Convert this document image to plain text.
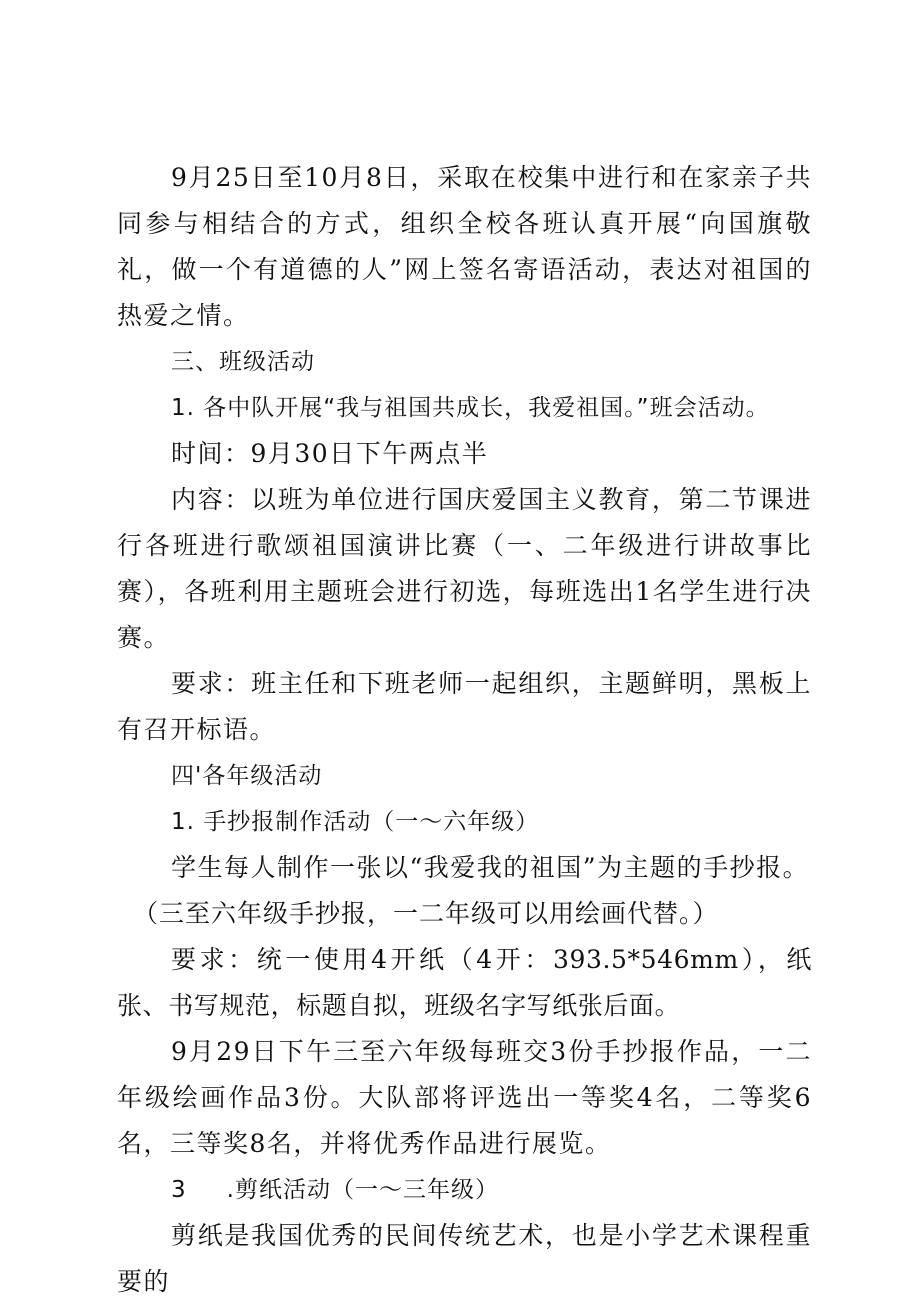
9月25日至10月8日，采取在校集中进行和在家亲子共同参与相结合的方式，组织全校各班认真开展“向国旗敬礼，做一个有道德的人”网上签名寄语活动，表达对祖国的热爱之情。

三、班级活动
1. 各中队开展“我与祖国共成长，我爱祖国。”班会活动。

时间：9月30日下午两点半

内容：以班为单位进行国庆爱国主义教育，第二节课进行各班进行歌颂祖国演讲比赛（一、二年级进行讲故事比赛），各班利用主题班会进行初选，每班选出1名学生进行决赛。

要求：班主任和下班老师一起组织，主题鲜明，黑板上有召开标语。

四'各年级活动
1. 手抄报制作活动（一〜六年级）

学生每人制作一张以“我爱我的祖国”为主题的手抄报。

（三至六年级手抄报，一二年级可以用绘画代替。）

要求：统一使用4开纸（4开：393.5*546mm），纸张、书写规范，标题自拟，班级名字写纸张后面。

9月29日下午三至六年级每班交3份手抄报作品，一二年级绘画作品3份。大队部将评选出一等奖4名，二等奖6名，三等奖8名，并将优秀作品进行展览。

3 .剪纸活动（一〜三年级）

剪纸是我国优秀的民间传统艺术，也是小学艺术课程重要的
